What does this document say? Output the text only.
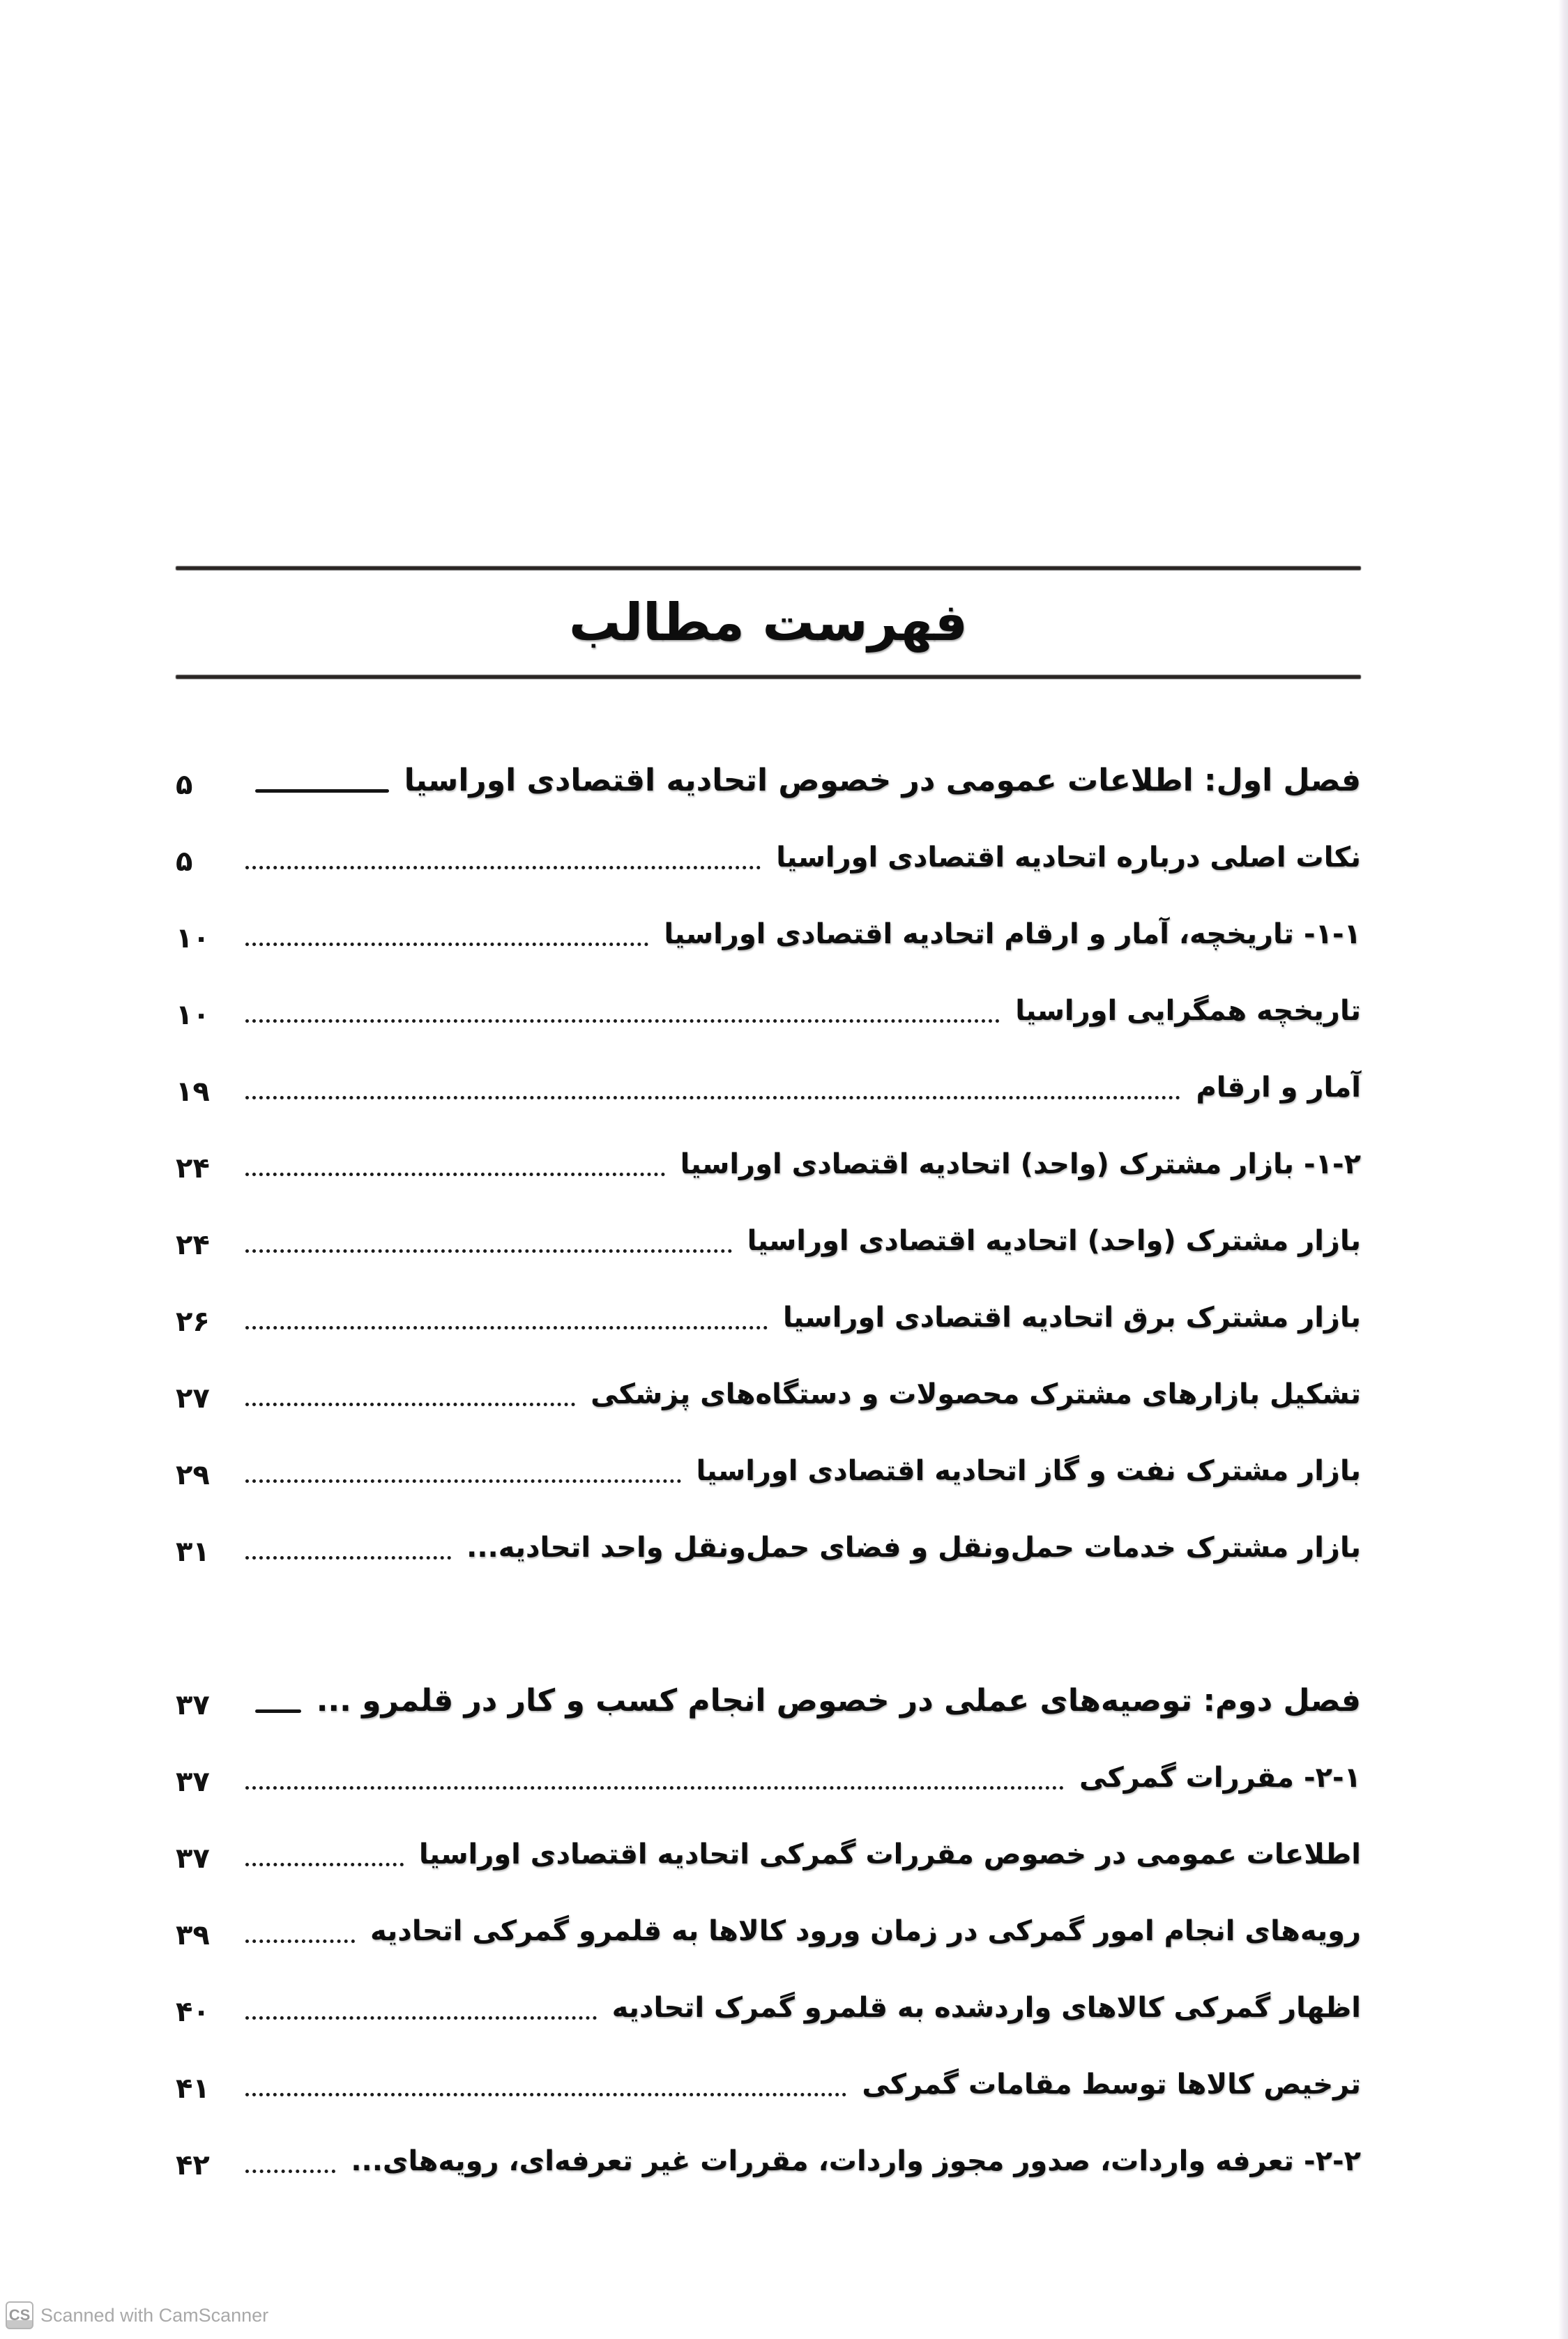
فهرست مطالب
فصل اول: اطلاعات عمومی در خصوص اتحادیه اقتصادی اوراسیا
۵
نکات اصلی درباره اتحادیه اقتصادی اوراسیا
۵
۱-۱- تاریخچه، آمار و ارقام اتحادیه اقتصادی اوراسیا
۱۰
تاریخچه همگرایی اوراسیا
۱۰
آمار و ارقام
۱۹
۱-۲- بازار مشترک (واحد) اتحادیه اقتصادی اوراسیا
۲۴
بازار مشترک (واحد) اتحادیه اقتصادی اوراسیا
۲۴
بازار مشترک برق اتحادیه اقتصادی اوراسیا
۲۶
تشکیل بازارهای مشترک محصولات و دستگاه‌های پزشکی
۲۷
بازار مشترک نفت و گاز اتحادیه اقتصادی اوراسیا
۲۹
بازار مشترک خدمات حمل‌ونقل و فضای حمل‌ونقل واحد اتحادیه...
۳۱
فصل دوم: توصیه‌های عملی در خصوص انجام کسب و کار در قلمرو ...
۳۷
۲-۱- مقررات گمرکی
۳۷
اطلاعات عمومی در خصوص مقررات گمرکی اتحادیه اقتصادی اوراسیا
۳۷
رویه‌های انجام امور گمرکی در زمان ورود کالاها به قلمرو گمرکی اتحادیه
۳۹
اظهار گمرکی کالاهای واردشده به قلمرو گمرک اتحادیه
۴۰
ترخیص کالاها توسط مقامات گمرکی
۴۱
۲-۲- تعرفه واردات، صدور مجوز واردات، مقررات غیر تعرفه‌ای، رویه‌های...
۴۲
CS Scanned with CamScanner
